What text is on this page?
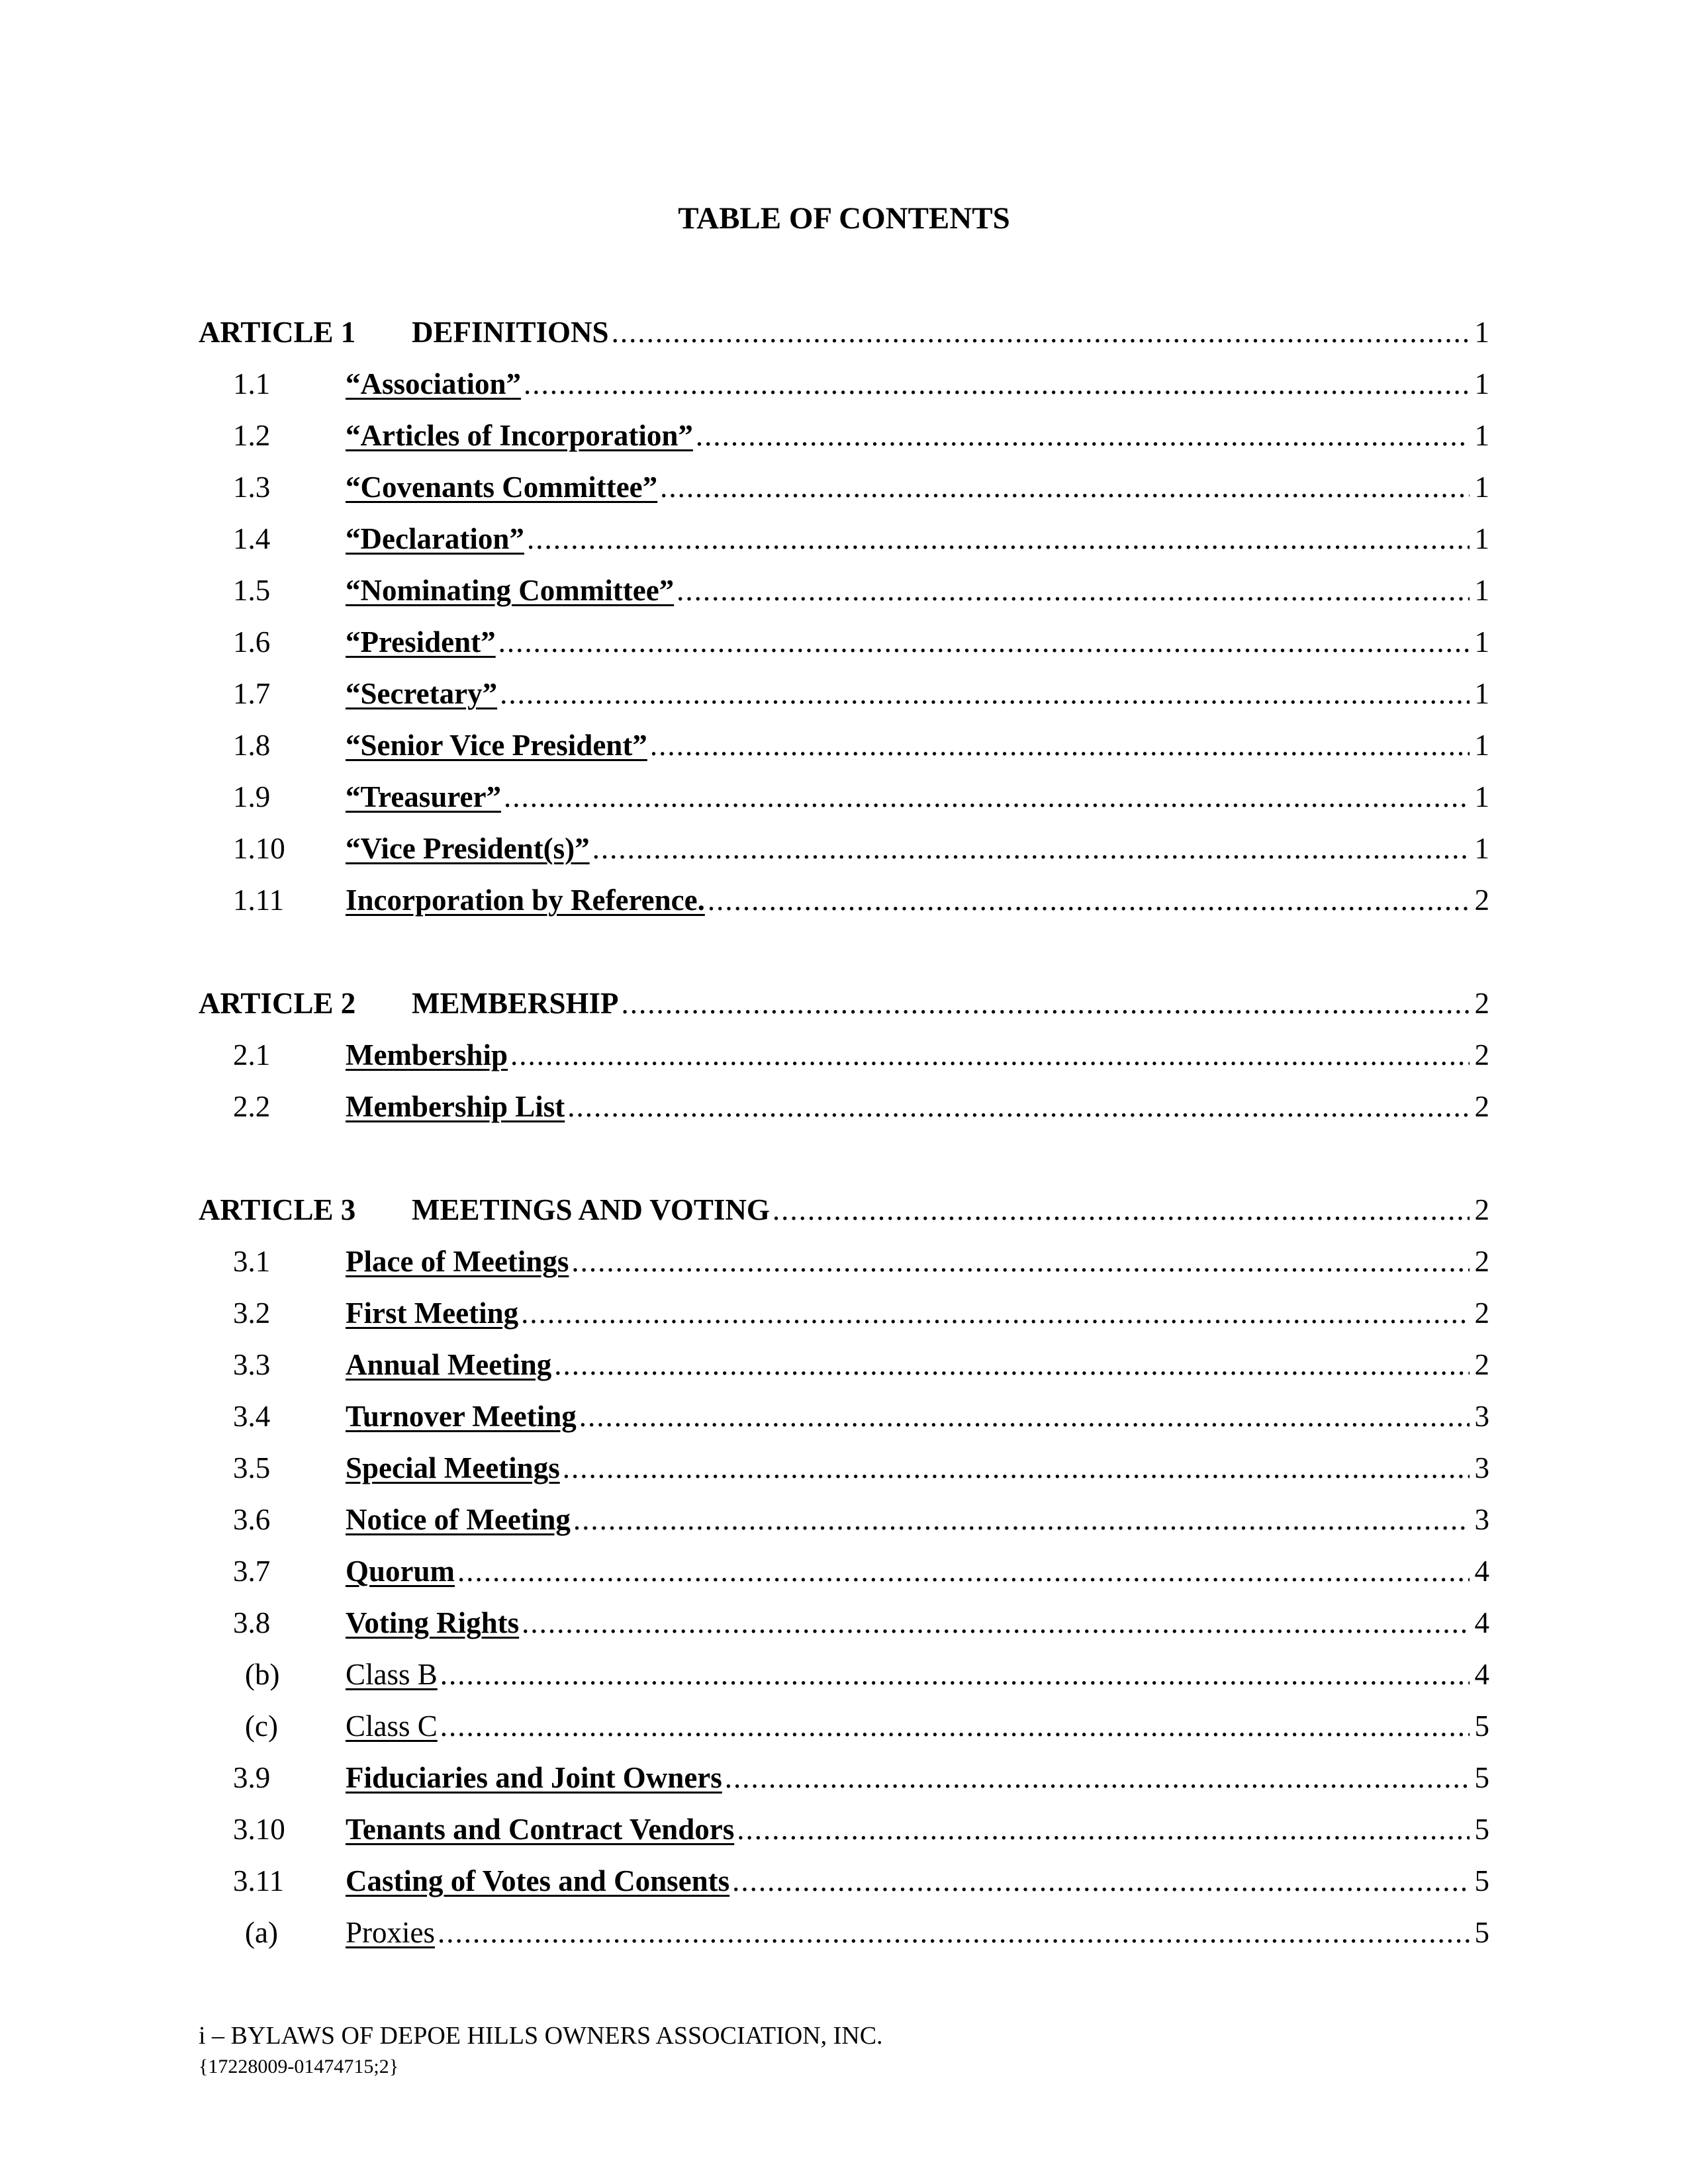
TABLE OF CONTENTS
ARTICLE 1	DEFINITIONS .....	1
1.1	“Association” .....	1
1.2	“Articles of Incorporation” .....	1
1.3	“Covenants Committee” .....	1
1.4	“Declaration” .....	1
1.5	“Nominating Committee” .....	1
1.6	“President” .....	1
1.7	“Secretary” .....	1
1.8	“Senior Vice President” .....	1
1.9	“Treasurer” .....	1
1.10	“Vice President(s)” .....	1
1.11	Incorporation by Reference. .....	2
ARTICLE 2	MEMBERSHIP .....	2
2.1	Membership .....	2
2.2	Membership List .....	2
ARTICLE 3	MEETINGS AND VOTING .....	2
3.1	Place of Meetings .....	2
3.2	First Meeting .....	2
3.3	Annual Meeting .....	2
3.4	Turnover Meeting .....	3
3.5	Special Meetings .....	3
3.6	Notice of Meeting .....	3
3.7	Quorum .....	4
3.8	Voting Rights .....	4
(b)	Class B .....	4
(c)	Class C .....	5
3.9	Fiduciaries and Joint Owners .....	5
3.10	Tenants and Contract Vendors .....	5
3.11	Casting of Votes and Consents .....	5
(a)	Proxies .....	5
i – BYLAWS OF DEPOE HILLS OWNERS ASSOCIATION, INC.
{17228009-01474715;2}
